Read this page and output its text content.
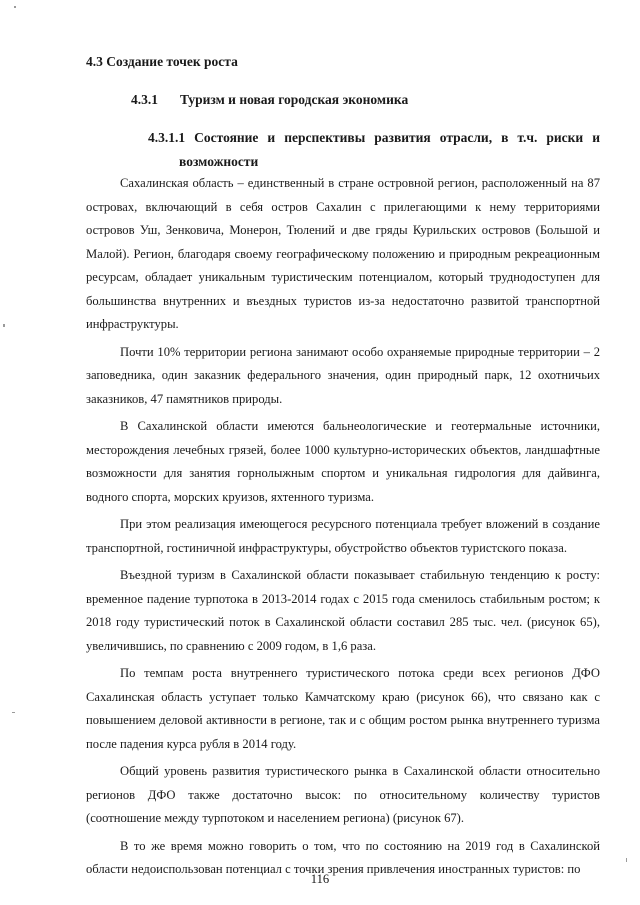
4.3 Создание точек роста
4.3.1 Туризм и новая городская экономика
4.3.1.1 Состояние и перспективы развития отрасли, в т.ч. риски и
возможности

Сахалинская область – единственный в стране островной регион, расположенный на 87 островах, включающий в себя остров Сахалин с прилегающими к нему территориями островов Уш, Зенковича, Монерон, Тюлений и две гряды Курильских островов (Большой и Малой). Регион, благодаря своему географическому положению и природным рекреационным ресурсам, обладает уникальным туристическим потенциалом, который труднодоступен для большинства внутренних и въездных туристов из-за недостаточно развитой транспортной инфраструктуры.

Почти 10% территории региона занимают особо охраняемые природные территории – 2 заповедника, один заказник федерального значения, один природный парк, 12 охотничьих заказников, 47 памятников природы.

В Сахалинской области имеются бальнеологические и геотермальные источники, месторождения лечебных грязей, более 1000 культурно-исторических объектов, ландшафтные возможности для занятия горнолыжным спортом и уникальная гидрология для дайвинга, водного спорта, морских круизов, яхтенного туризма.

При этом реализация имеющегося ресурсного потенциала требует вложений в создание транспортной, гостиничной инфраструктуры, обустройство объектов туристского показа.

Въездной туризм в Сахалинской области показывает стабильную тенденцию к росту: временное падение турпотока в 2013-2014 годах с 2015 года сменилось стабильным ростом; к 2018 году туристический поток в Сахалинской области составил 285 тыс. чел. (рисунок 65), увеличившись, по сравнению с 2009 годом, в 1,6 раза.

По темпам роста внутреннего туристического потока среди всех регионов ДФО Сахалинская область уступает только Камчатскому краю (рисунок 66), что связано как с повышением деловой активности в регионе, так и с общим ростом рынка внутреннего туризма после падения курса рубля в 2014 году.

Общий уровень развития туристического рынка в Сахалинской области относительно регионов ДФО также достаточно высок: по относительному количеству туристов (соотношение между турпотоком и населением региона) (рисунок 67).

В то же время можно говорить о том, что по состоянию на 2019 год в Сахалинской области недоиспользован потенциал с точки зрения привлечения иностранных туристов: по

116
